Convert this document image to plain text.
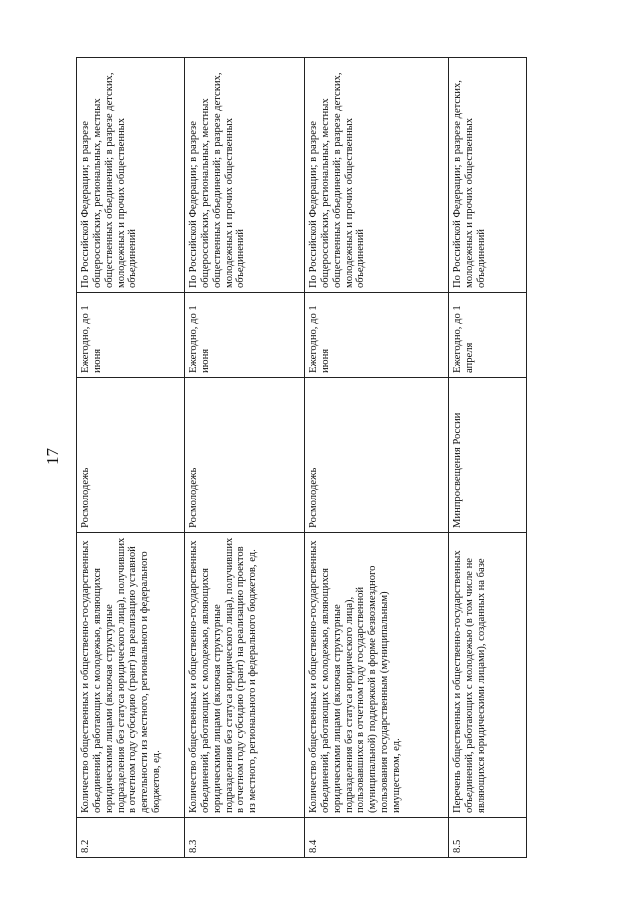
17
8.2	Количество общественных и общественно-государственных объединений, работающих с молодежью, являющихся юридическими лицами (включая структурные подразделения без статуса юридического лица), получивших в отчетном году субсидию (грант) на реализацию уставной деятельности из местного, регионального и федерального бюджетов, ед.	Росмолодежь	Ежегодно, до 1 июня	По Российской Федерации; в разрезе общероссийских, региональных, местных общественных объединений; в разрезе детских, молодежных и прочих общественных объединений
8.3	Количество общественных и общественно-государственных объединений, работающих с молодежью, являющихся юридическими лицами (включая структурные подразделения без статуса юридического лица), получивших в отчетном году субсидию (грант) на реализацию проектов из местного, регионального и федерального бюджетов, ед.	Росмолодежь	Ежегодно, до 1 июня	По Российской Федерации; в разрезе общероссийских, региональных, местных общественных объединений; в разрезе детских, молодежных и прочих общественных объединений
8.4	Количество общественных и общественно-государственных объединений, работающих с молодежью, являющихся юридическими лицами (включая структурные подразделения без статуса юридического лица), пользовавшихся в отчетном году государственной (муниципальной) поддержкой в форме безвозмездного пользования государственным (муниципальным) имуществом, ед.	Росмолодежь	Ежегодно, до 1 июня	По Российской Федерации; в разрезе общероссийских, региональных, местных общественных объединений; в разрезе детских, молодежных и прочих общественных объединений
8.5	Перечень общественных и общественно-государственных объединений, работающих с молодежью (в том числе не являющихся юридическими лицами), созданных на базе	Минпросвещения России	Ежегодно, до 1 апреля	По Российской Федерации; в разрезе детских, молодежных и прочих общественных объединений
